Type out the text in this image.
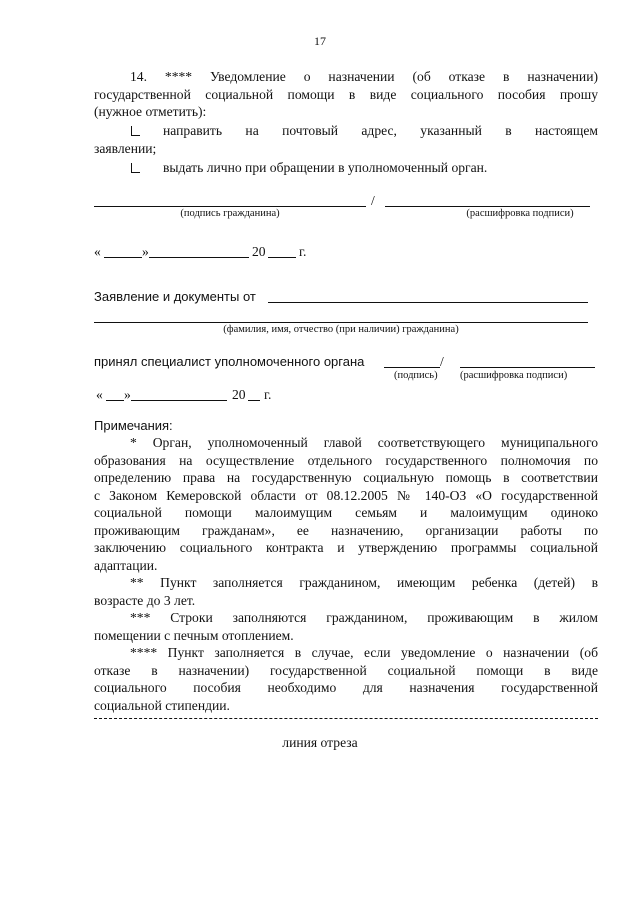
17
14. **** Уведомление о назначении (об отказе в назначении)
государственной социальной помощи в виде социального пособия прошу
(нужное отметить):
направить на почтовый адрес, указанный в настоящем
заявлении;
выдать лично при обращении в уполномоченный орган.
/
(подпись гражданина)	(расшифровка подписи)
«	»	20 г.
Заявление и документы от
(фамилия, имя, отчество (при наличии) гражданина)
принял специалист уполномоченного органа	/
(подпись) (расшифровка подписи)
« »	20 г.
Примечания:
* Орган, уполномоченный главой соответствующего муниципального
образования на осуществление отдельного государственного полномочия по
определению права на государственную социальную помощь в соответствии
с Законом Кемеровской области от 08.12.2005 № 140-ОЗ «О государственной
социальной помощи малоимущим семьям и малоимущим одиноко
проживающим гражданам», ее назначению, организации работы по
заключению социального контракта и утверждению программы социальной
адаптации.
** Пункт заполняется гражданином, имеющим ребенка (детей) в
возрасте до 3 лет.
*** Строки заполняются гражданином, проживающим в жилом
помещении с печным отоплением.
**** Пункт заполняется в случае, если уведомление о назначении (об
отказе в назначении) государственной социальной помощи в виде
социального пособия необходимо для назначения государственной
социальной стипендии.
линия отреза
